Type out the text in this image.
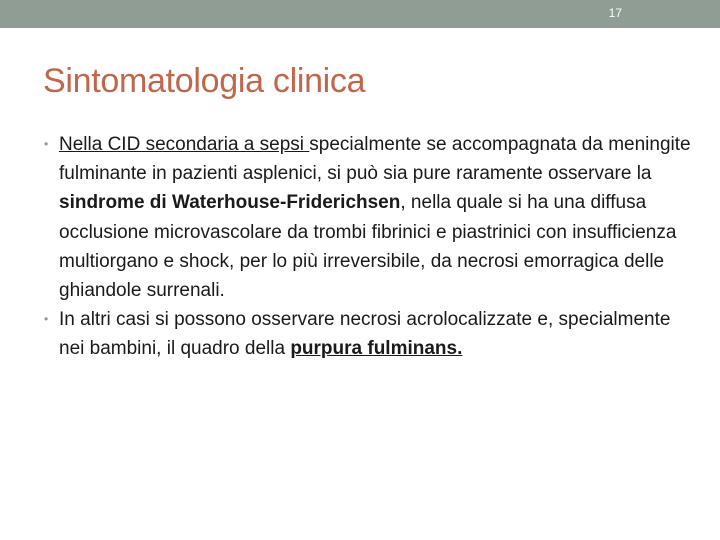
17
Sintomatologia clinica
• Nella CID secondaria a sepsi specialmente se accompagnata da meningite fulminante in pazienti asplenici, si può sia pure raramente osservare la sindrome di Waterhouse-Friderichsen, nella quale si ha una diffusa occlusione microvascolare da trombi fibrinici e piastrinici con insufficienza multiorgano e shock, per lo più irreversibile, da necrosi emorragica delle ghiandole surrenali.
• In altri casi si possono osservare necrosi acrolocalizzate e, specialmente nei bambini, il quadro della purpura fulminans.
